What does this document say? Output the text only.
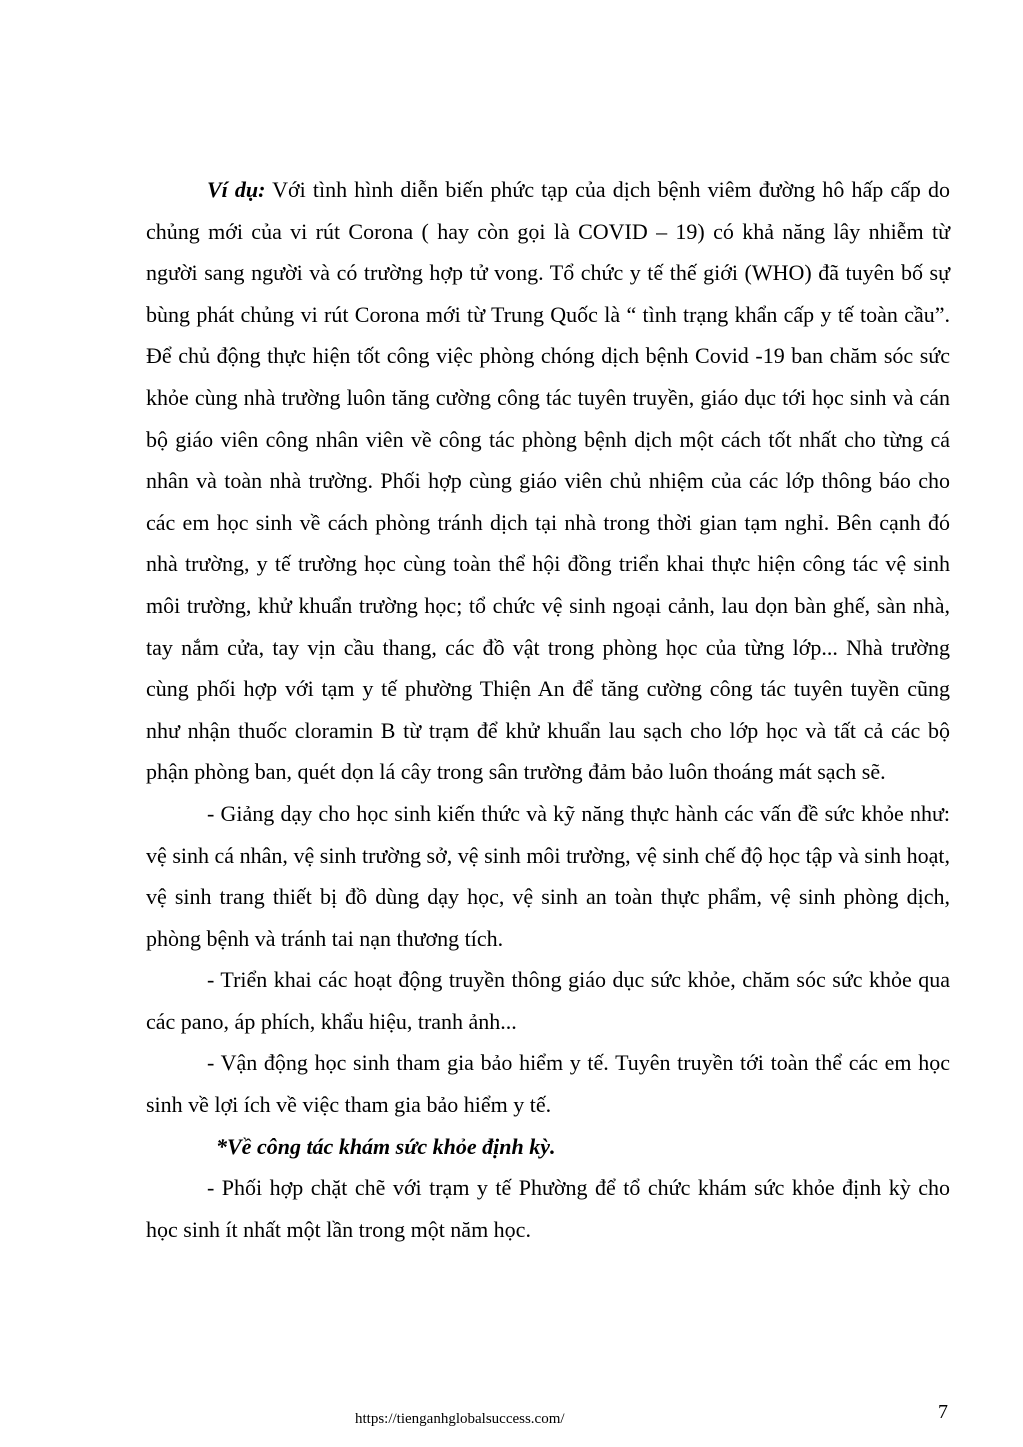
Ví dụ: Với tình hình diễn biến phức tạp của dịch bệnh viêm đường hô hấp cấp do chủng mới của vi rút Corona ( hay còn gọi là COVID – 19) có khả năng lây nhiễm từ người sang người và có trường hợp tử vong. Tổ chức y tế thế giới (WHO) đã tuyên bố sự bùng phát chủng vi rút Corona mới từ Trung Quốc là “ tình trạng khẩn cấp y tế toàn cầu”. Để chủ động thực hiện tốt công việc phòng chóng dịch bệnh Covid -19 ban chăm sóc sức khỏe cùng nhà trường luôn tăng cường công tác tuyên truyền, giáo dục tới học sinh và cán bộ giáo viên công nhân viên về công tác phòng bệnh dịch một cách tốt nhất cho từng cá nhân và toàn nhà trường. Phối hợp cùng giáo viên chủ nhiệm của các lớp thông báo cho các em học sinh về cách phòng tránh dịch tại nhà trong thời gian tạm nghỉ. Bên cạnh đó nhà trường, y tế trường học cùng toàn thể hội đồng triển khai thực hiện công tác vệ sinh môi trường, khử khuẩn trường học; tổ chức vệ sinh ngoại cảnh, lau dọn bàn ghế, sàn nhà, tay nắm cửa, tay vịn cầu thang, các đồ vật trong phòng học của từng lớp... Nhà trường cùng phối hợp với tạm y tế phường Thiện An để tăng cường công tác tuyên tuyền cũng như nhận thuốc cloramin B từ trạm để khử khuẩn lau sạch cho lớp học và tất cả các bộ phận phòng ban, quét dọn lá cây trong sân trường đảm bảo luôn thoáng mát sạch sẽ.

- Giảng dạy cho học sinh kiến thức và kỹ năng thực hành các vấn đề sức khỏe như: vệ sinh cá nhân, vệ sinh trường sở, vệ sinh môi trường, vệ sinh chế độ học tập và sinh hoạt, vệ sinh trang thiết bị đồ dùng dạy học, vệ sinh an toàn thực phẩm, vệ sinh phòng dịch, phòng bệnh và tránh tai nạn thương tích.

- Triển khai các hoạt động truyền thông giáo dục sức khỏe, chăm sóc sức khỏe qua các pano, áp phích, khẩu hiệu, tranh ảnh...

- Vận động học sinh tham gia bảo hiểm y tế. Tuyên truyền tới toàn thể các em học sinh về lợi ích về việc tham gia bảo hiểm y tế.

*Về công tác khám sức khỏe định kỳ.

- Phối hợp chặt chẽ với trạm y tế Phường để tổ chức khám sức khỏe định kỳ cho học sinh ít nhất một lần trong một năm học.

https://tienganhglobalsuccess.com/	7
